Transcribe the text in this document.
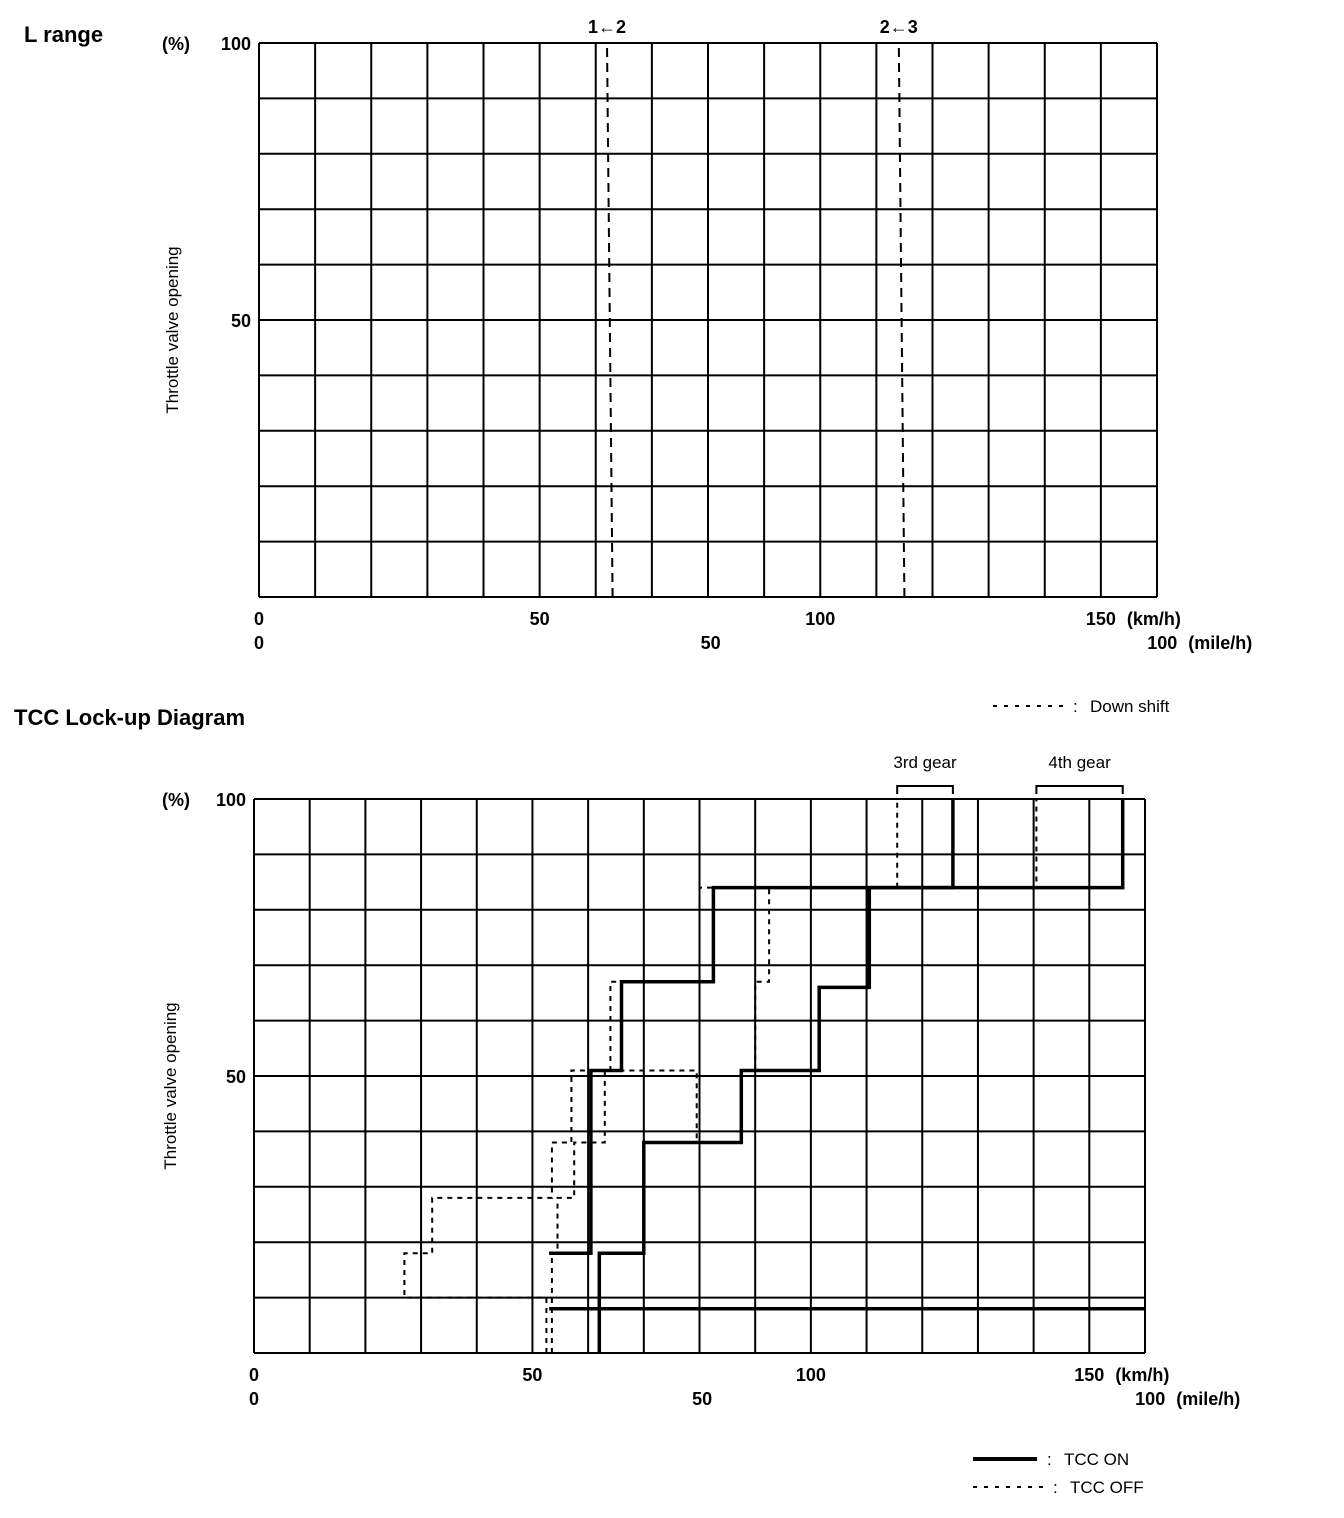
L range	(%)
50
100
Throttle valve opening
0	50	100	150 (km/h)
0	50	100 (mile/h)
1←2	2←3
TCC Lock-up Diagram
(%)
50
100
Throttle valve opening
0	50	100	150 (km/h)
0	50	100 (mile/h)
3rd gear	4th gear
: Down shift
: TCC ON
: TCC OFF
